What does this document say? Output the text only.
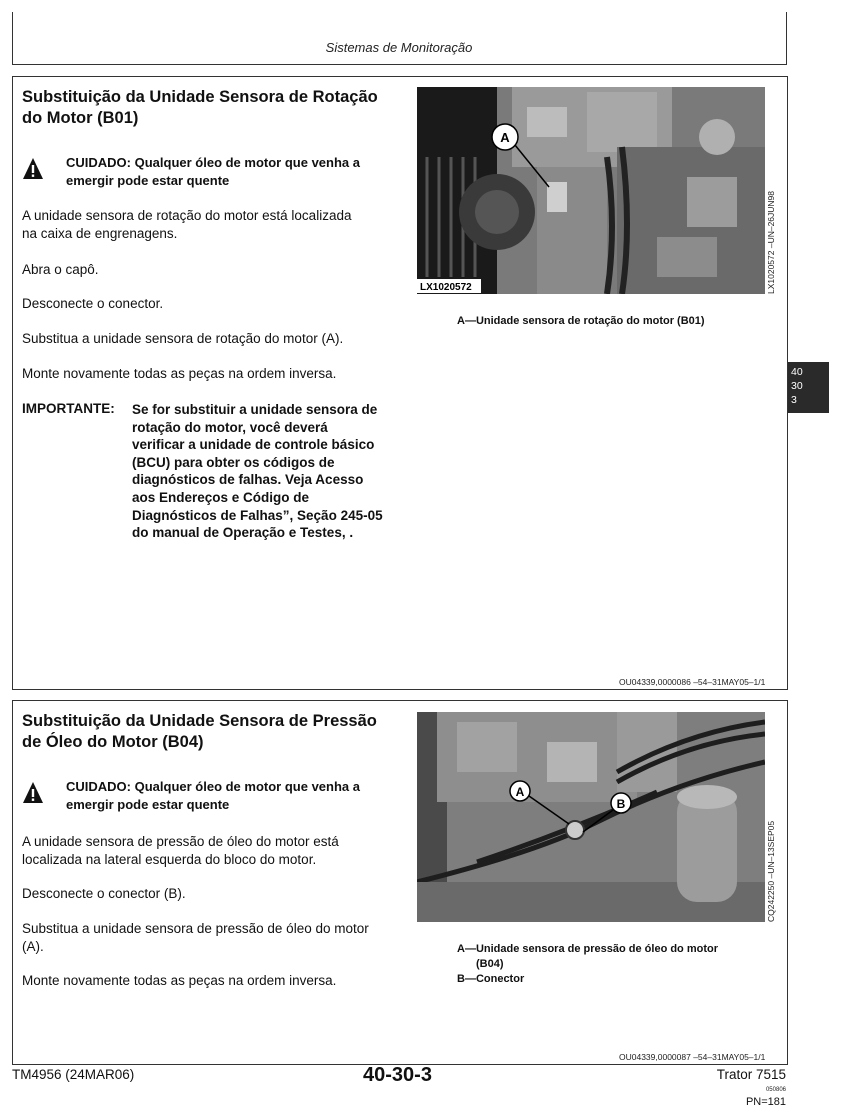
Sistemas de Monitoração
40
30
3
Substituição da Unidade Sensora de Rotação
do Motor (B01)
CUIDADO: Qualquer óleo de motor que venha a
emergir pode estar quente
A unidade sensora de rotação do motor está localizada
na caixa de engrenagens.
Abra o capô.
Desconecte o conector.
Substitua a unidade sensora de rotação do motor (A).
Monte novamente todas as peças na ordem inversa.
IMPORTANTE: Se for substituir a unidade sensora de
rotação do motor, você deverá
verificar a unidade de controle básico
(BCU) para obter os códigos de
diagnósticos de falhas. Veja Acesso
aos Endereços e Código de
Diagnósticos de Falhas”, Seção 245-05
do manual de Operação e Testes, .
A
LX1020572	LX1020572 –UN–26JUN98
A—Unidade sensora de rotação do motor (B01)
OU04339,0000086 –54–31MAY05–1/1
Substituição da Unidade Sensora de Pressão
de Óleo do Motor (B04)
CUIDADO: Qualquer óleo de motor que venha a
emergir pode estar quente
A unidade sensora de pressão de óleo do motor está
localizada na lateral esquerda do bloco do motor.
Desconecte o conector (B).
Substitua a unidade sensora de pressão de óleo do motor
(A).
Monte novamente todas as peças na ordem inversa.
A
B
CQ242250 –UN–13SEP05
A—Unidade sensora de pressão de óleo do motor
(B04)
B—Conector
OU04339,0000087 –54–31MAY05–1/1
TM4956 (24MAR06)	40-30-3	Trator 7515
050806
PN=181
